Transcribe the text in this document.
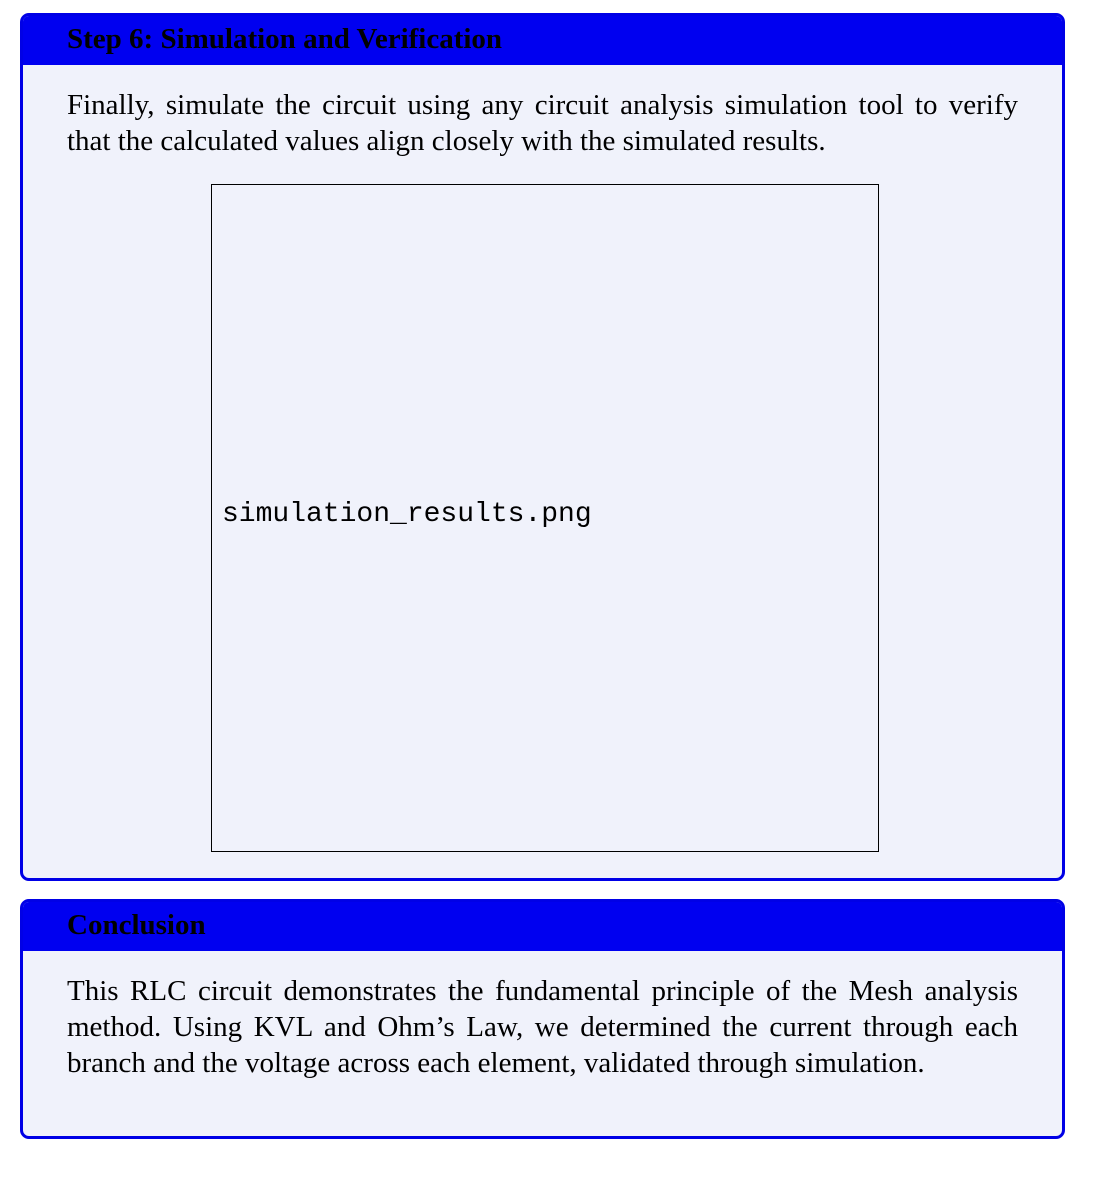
Step 6: Simulation and Verification

Finally, simulate the circuit using any circuit analysis simulation tool to verify that the calculated values align closely with the simulated results.

simulation_results.png
Conclusion

This RLC circuit demonstrates the fundamental principle of the Mesh analysis method. Using KVL and Ohm’s Law, we determined the current through each branch and the voltage across each element, validated through simulation.
